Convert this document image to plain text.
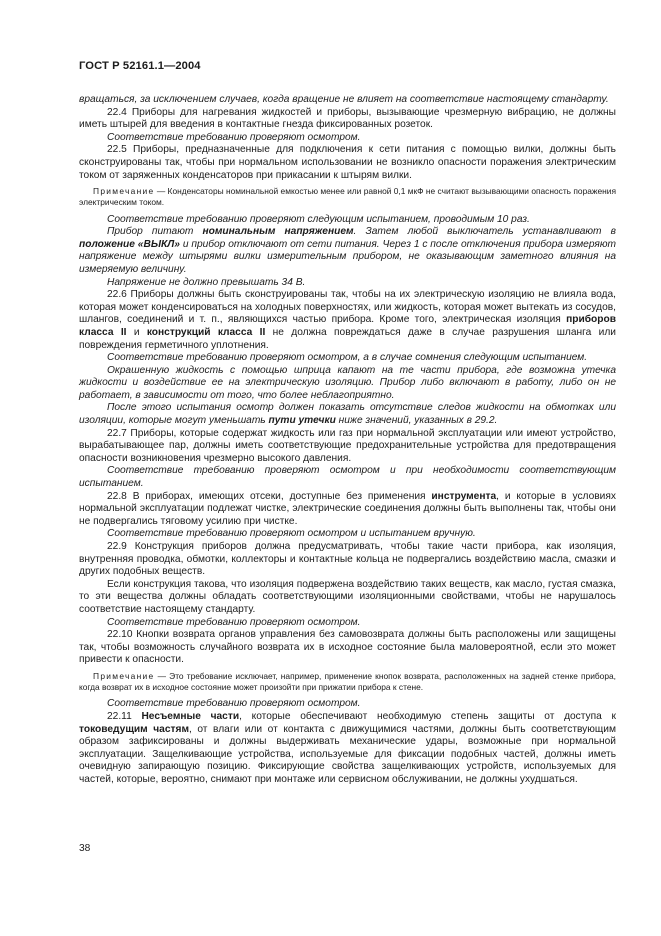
ГОСТ Р 52161.1—2004

вращаться, за исключением случаев, когда вращение не влияет на соответствие настоящему стандарту.

22.4 Приборы для нагревания жидкостей и приборы, вызывающие чрезмерную вибрацию, не должны иметь штырей для введения в контактные гнезда фиксированных розеток.

Соответствие требованию проверяют осмотром.

22.5 Приборы, предназначенные для подключения к сети питания с помощью вилки, должны быть сконструированы так, чтобы при нормальном использовании не возникло опасности поражения электрическим током от заряженных конденсаторов при прикасании к штырям вилки.

Примечание — Конденсаторы номинальной емкостью менее или равной 0,1 мкФ не считают вызывающими опасность поражения электрическим током.

Соответствие требованию проверяют следующим испытанием, проводимым 10 раз.

Прибор питают номинальным напряжением. Затем любой выключатель устанавливают в положение «ВЫКЛ» и прибор отключают от сети питания. Через 1 с после отключения прибора измеряют напряжение между штырями вилки измерительным прибором, не оказывающим заметного влияния на измеряемую величину.

Напряжение не должно превышать 34 В.

22.6 Приборы должны быть сконструированы так, чтобы на их электрическую изоляцию не влияла вода, которая может конденсироваться на холодных поверхностях, или жидкость, которая может вытекать из сосудов, шлангов, соединений и т. п., являющихся частью прибора. Кроме того, электрическая изоляция приборов класса II и конструкций класса II не должна повреждаться даже в случае разрушения шланга или повреждения герметичного уплотнения.

Соответствие требованию проверяют осмотром, а в случае сомнения следующим испытанием.

Окрашенную жидкость с помощью шприца капают на те части прибора, где возможна утечка жидкости и воздействие ее на электрическую изоляцию. Прибор либо включают в работу, либо он не работает, в зависимости от того, что более неблагоприятно.

После этого испытания осмотр должен показать отсутствие следов жидкости на обмотках или изоляции, которые могут уменьшать пути утечки ниже значений, указанных в 29.2.

22.7 Приборы, которые содержат жидкость или газ при нормальной эксплуатации или имеют устройство, вырабатывающее пар, должны иметь соответствующие предохранительные устройства для предотвращения опасности возникновения чрезмерно высокого давления.

Соответствие требованию проверяют осмотром и при необходимости соответствующим испытанием.

22.8 В приборах, имеющих отсеки, доступные без применения инструмента, и которые в условиях нормальной эксплуатации подлежат чистке, электрические соединения должны быть выполнены так, чтобы они не подвергались тяговому усилию при чистке.

Соответствие требованию проверяют осмотром и испытанием вручную.

22.9 Конструкция приборов должна предусматривать, чтобы такие части прибора, как изоляция, внутренняя проводка, обмотки, коллекторы и контактные кольца не подвергались воздействию масла, смазки и других подобных веществ.

Если конструкция такова, что изоляция подвержена воздействию таких веществ, как масло, густая смазка, то эти вещества должны обладать соответствующими изоляционными свойствами, чтобы не нарушалось соответствие настоящему стандарту.

Соответствие требованию проверяют осмотром.

22.10 Кнопки возврата органов управления без самовозврата должны быть расположены или защищены так, чтобы возможность случайного возврата их в исходное состояние была маловероятной, если это может привести к опасности.

Примечание — Это требование исключает, например, применение кнопок возврата, расположенных на задней стенке прибора, когда возврат их в исходное состояние может произойти при прижатии прибора к стене.

Соответствие требованию проверяют осмотром.

22.11 Несъемные части, которые обеспечивают необходимую степень защиты от доступа к токоведущим частям, от влаги или от контакта с движущимися частями, должны быть соответствующим образом зафиксированы и должны выдерживать механические удары, возможные при нормальной эксплуатации. Защелкивающие устройства, используемые для фиксации подобных частей, должны иметь очевидную запирающую позицию. Фиксирующие свойства защелкивающих устройств, используемых для частей, которые, вероятно, снимают при монтаже или сервисном обслуживании, не должны ухудшаться.

38
